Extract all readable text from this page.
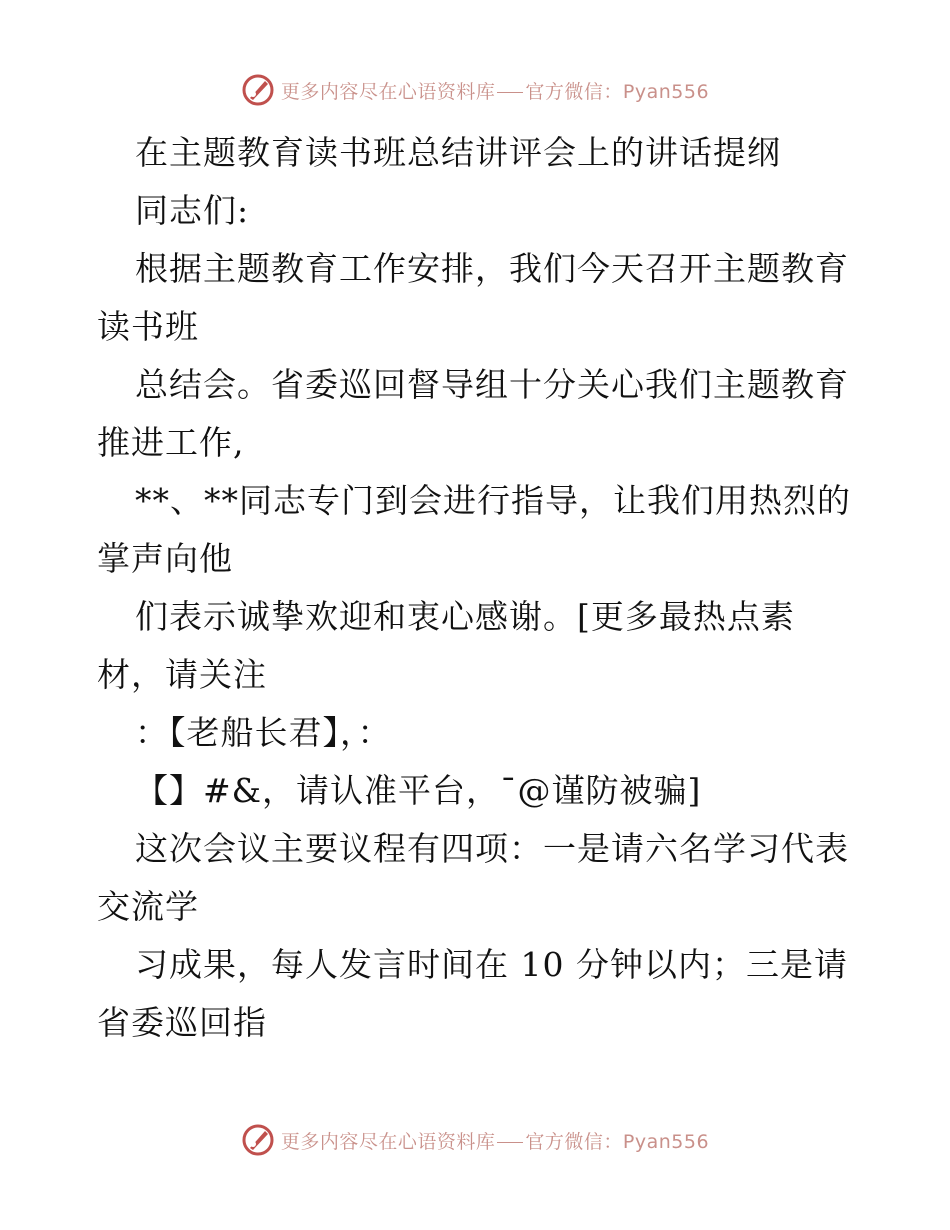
更多内容尽在心语资料库 官方微信：Pyan556
在主题教育读书班总结讲评会上的讲话提纲
同志们:
根据主题教育工作安排，我们今天召开主题教育
读书班
总结会。省委巡回督导组十分关心我们主题教育
推进工作,
**、**同志专门到会进行指导，让我们用热烈的
掌声向他
们表示诚挚欢迎和衷心感谢。[更多最热点素
材，请关注
：【老船长君】，：
【】#&，请认准平台，¯@谨防被骗]
这次会议主要议程有四项：一是请六名学习代表
交流学
习成果，每人发言时间在 10 分钟以内；三是请
省委巡回指
更多内容尽在心语资料库 官方微信：Pyan556
